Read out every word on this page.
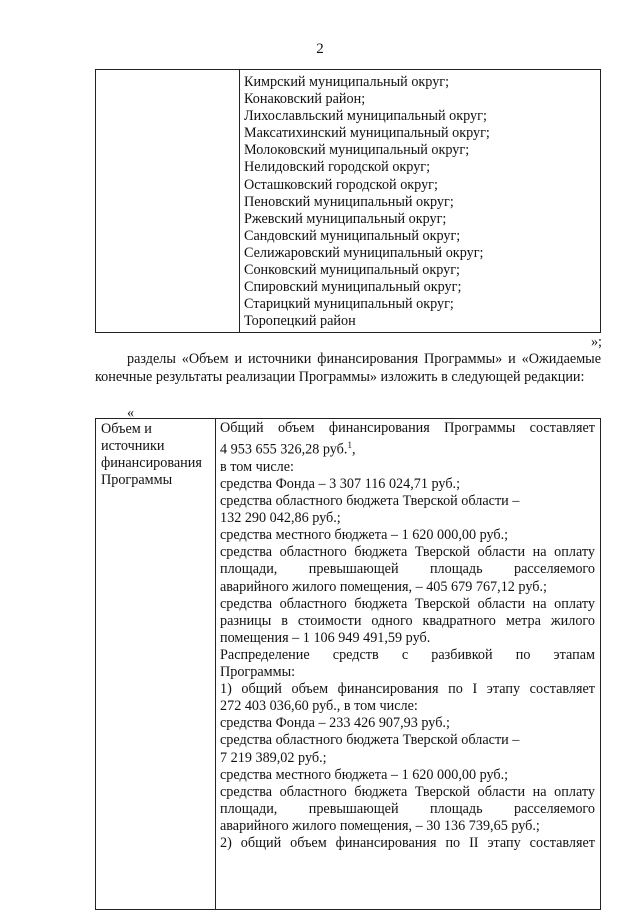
2
Кимрский муниципальный округ;
Конаковский район;
Лихославльский муниципальный округ;
Максатихинский муниципальный округ;
Молоковский муниципальный округ;
Нелидовский городской округ;
Осташковский городской округ;
Пеновский муниципальный округ;
Ржевский муниципальный округ;
Сандовский муниципальный округ;
Селижаровский муниципальный округ;
Сонковский муниципальный округ;
Спировский муниципальный округ;
Старицкий муниципальный округ;
Торопецкий район
»;
разделы «Объем и источники финансирования Программы» и «Ожидаемые конечные результаты реализации Программы» изложить в следующей редакции:
«
Объем и источники финансирования Программы
Общий объем финансирования Программы составляет
4 953 655 326,28 руб.$^1$,
в том числе:
средства Фонда – 3 307 116 024,71 руб.;
средства областного бюджета Тверской области –
132 290 042,86 руб.;
средства местного бюджета – 1 620 000,00 руб.;
средства областного бюджета Тверской области на оплату
площади, превышающей площадь расселяемого
аварийного жилого помещения, – 405 679 767,12 руб.;
средства областного бюджета Тверской области на оплату
разницы в стоимости одного квадратного метра жилого
помещения – 1 106 949 491,59 руб.
Распределение средств с разбивкой по этапам
Программы:
1) общий объем финансирования по I этапу составляет
272 403 036,60 руб., в том числе:
средства Фонда – 233 426 907,93 руб.;
средства областного бюджета Тверской области –
7 219 389,02 руб.;
средства местного бюджета – 1 620 000,00 руб.;
средства областного бюджета Тверской области на оплату
площади, превышающей площадь расселяемого
аварийного жилого помещения, – 30 136 739,65 руб.;
2) общий объем финансирования по II этапу составляет
